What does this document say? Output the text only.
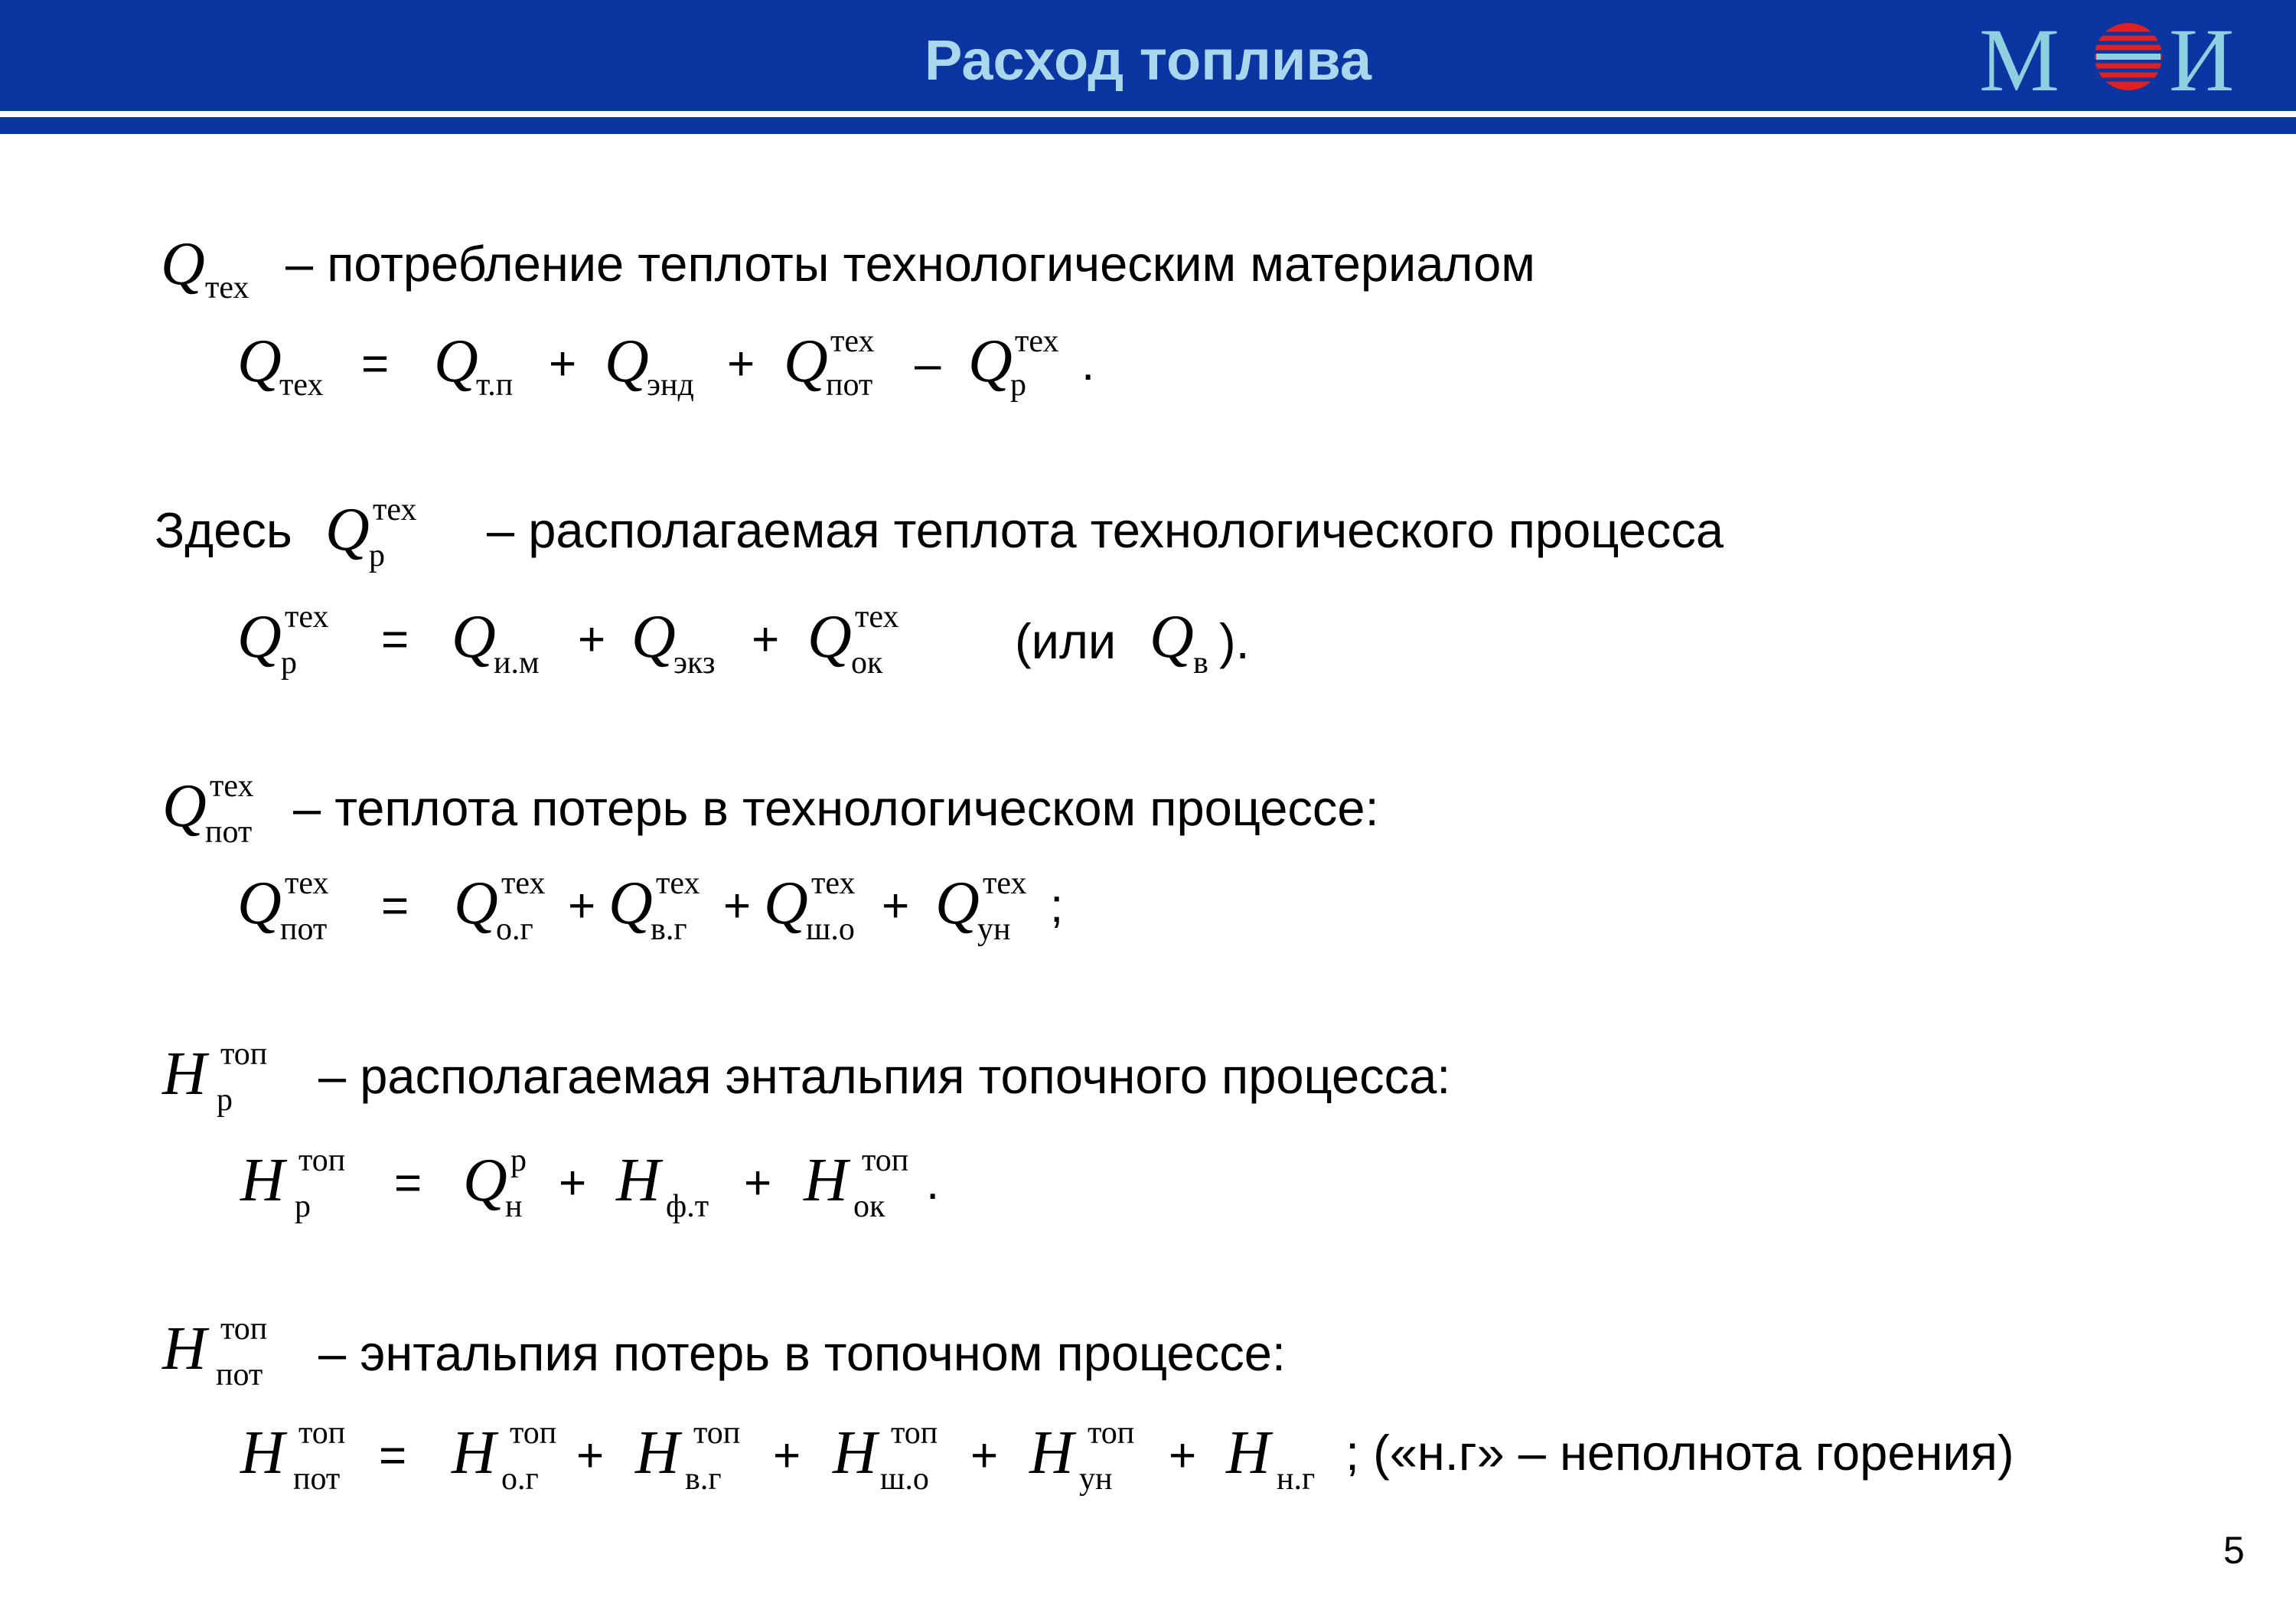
Расход топлива	М И
Q тех – потребление теплоты технологическим материалом
Q
тех = Q
т.п + Q
энд + Q тех
пот – Q тех
р .
Здесь Q тех
р – располагаемая теплота технологического процесса
Q тех
р = Q
и.м + Q
экз + Q тех
ок	(или Q в ).
Q тех
пот – теплота потерь в технологическом процессе:
Q тех
пот = Q тех
о.г + Q тех
в.г + Q тех
ш.о + Q тех
ун ;
H топ
р – располагаемая энтальпия топочного процесса:
H топ
р = Q р
н + H ф.т + H топ
ок .
H топ
пот – энтальпия потерь в топочном процессе:
H топ
пот = H топ
о.г + H топ
в.г + H топ
ш.о + H топ
ун + H н.г ; («н.г» – неполнота горения)
5
